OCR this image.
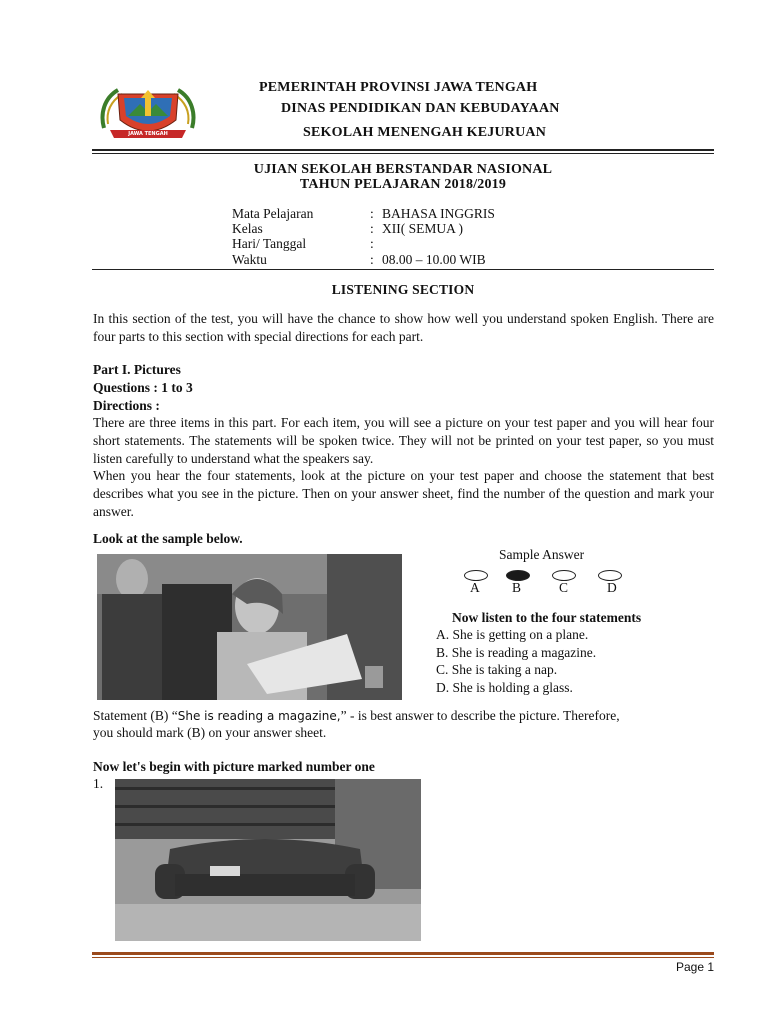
JAWA TENGAH
PEMERINTAH PROVINSI JAWA TENGAH
DINAS PENDIDIKAN DAN KEBUDAYAAN
SEKOLAH MENENGAH KEJURUAN
UJIAN SEKOLAH BERSTANDAR NASIONAL
TAHUN PELAJARAN 2018/2019
Mata Pelajaran	: BAHASA INGGRIS
Kelas	: XII( SEMUA )
Hari/ Tanggal	:
Waktu	: 08.00 – 10.00 WIB
LISTENING SECTION
In this section of the test, you will have the chance to show how well you understand spoken English. There are four parts to this section with special directions for each part.
Part I. Pictures
Questions : 1 to 3
Directions :
There are three items in this part. For each item, you will see a picture on your test paper and you will hear four short statements. The statements will be spoken twice. They will not be printed on your test paper, so you must listen carefully to understand what the speakers say.
When you hear the four statements, look at the picture on your test paper and choose the statement that best describes what you see in the picture. Then on your answer sheet, find the number of the question and mark your answer.
Look at the sample below.
Sample Answer
A B	C	D
Now listen to the four statements
A. She is getting on a plane.
B. She is reading a magazine.
C. She is taking a nap.
D. She is holding a glass.
Statement (B) “She is reading a magazine,” - is best answer to describe the picture. Therefore,
you should mark (B) on your answer sheet.
Now let's begin with picture marked number one
1.
Page 1
